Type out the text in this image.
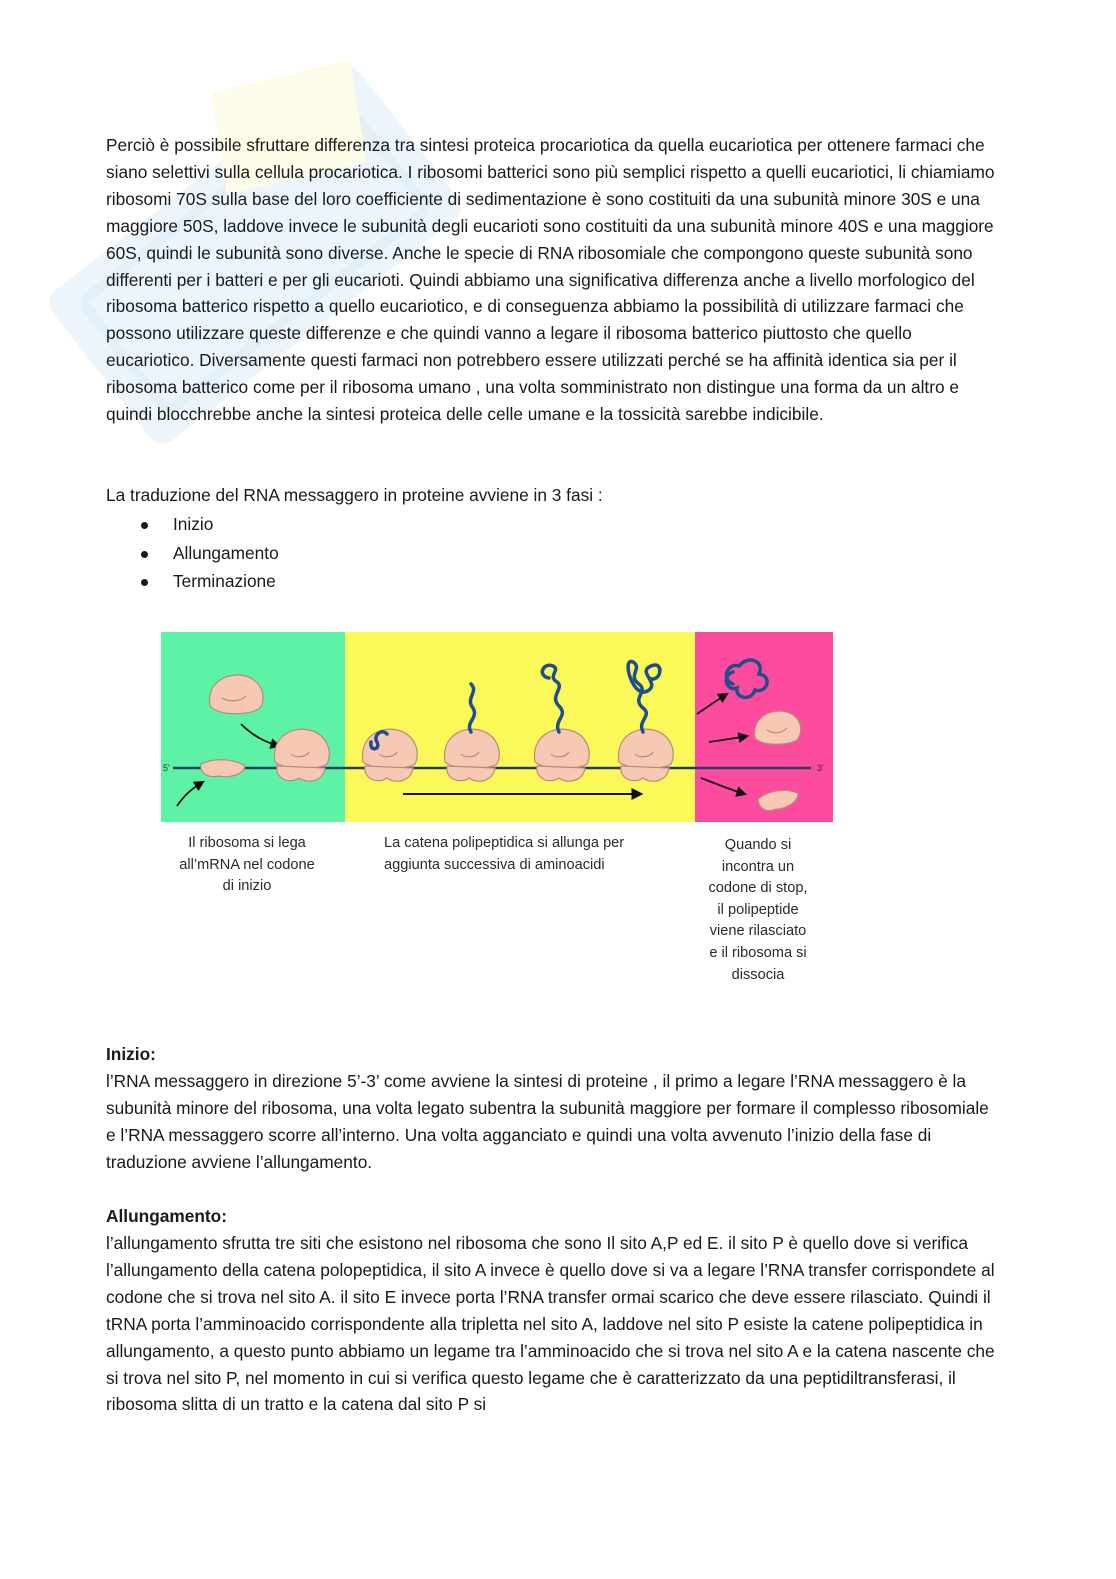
Perciò è possibile sfruttare differenza tra sintesi proteica procariotica da quella eucariotica per ottenere farmaci che siano selettivi sulla cellula procariotica. I ribosomi batterici sono più semplici rispetto a quelli eucariotici, li chiamiamo ribosomi 70S sulla base del loro coefficiente di sedimentazione è sono costituiti da una subunità minore 30S e una maggiore 50S, laddove invece le subunità degli eucarioti sono costituiti da una subunità minore 40S e una maggiore 60S, quindi le subunità sono diverse. Anche le specie di RNA ribosomiale che compongono queste subunità sono differenti per i batteri e per gli eucarioti. Quindi abbiamo una significativa differenza anche a livello morfologico del ribosoma batterico rispetto a quello eucariotico, e di conseguenza abbiamo la possibilità di utilizzare farmaci che possono utilizzare queste differenze e che quindi vanno a legare il ribosoma batterico piuttosto che quello eucariotico. Diversamente questi farmaci non potrebbero essere utilizzati perché se ha affinità identica sia per il ribosoma batterico come per il ribosoma umano , una volta somministrato non distingue una forma da un altro e quindi blocchrebbe anche la sintesi proteica delle celle umane e la tossicità sarebbe indicibile.

La traduzione del RNA messaggero in proteine avviene in 3 fasi :

Inizio
Allungamento
Terminazione
Inizio:

l’RNA messaggero in direzione 5’-3’ come avviene la sintesi di proteine , il primo a legare l’RNA messaggero è la subunità minore del ribosoma, una volta legato subentra la subunità maggiore per formare il complesso ribosomiale e l’RNA messaggero scorre all’interno. Una volta agganciato e quindi una volta avvenuto l’inizio della fase di traduzione avviene l’allungamento.

Allungamento:

l’allungamento sfrutta tre siti che esistono nel ribosoma che sono Il sito A,P ed E. il sito P è quello dove si verifica l’allungamento della catena polopeptidica, il sito A invece è quello dove si va a legare l’RNA transfer corrispondete al codone che si trova nel sito A. il sito E invece porta l’RNA transfer ormai scarico che deve essere rilasciato. Quindi il tRNA porta l’amminoacido corrispondente alla tripletta nel sito A, laddove nel sito P esiste la catene polipeptidica in allungamento, a questo punto abbiamo un legame tra l’amminoacido che si trova nel sito A e la catena nascente che si trova nel sito P, nel momento in cui si verifica questo legame che è caratterizzato da una peptidiltransferasi, il ribosoma slitta di un tratto e la catena dal sito P si

5'	3'
Il ribosoma si lega all’mRNA nel codone di inizio
La catena polipeptidica si allunga per aggiunta successiva di aminoacidi
Quando si incontra un codone di stop, il polipeptide viene rilasciato e il ribosoma si dissocia
